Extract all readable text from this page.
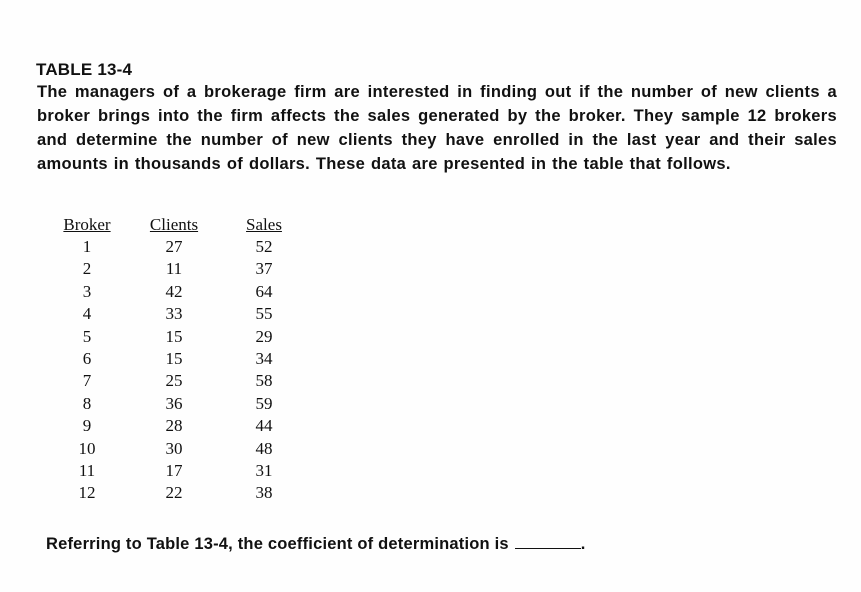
TABLE 13-4
The managers of a brokerage firm are interested in finding out if the number of new clients a broker brings into the firm affects the sales generated by the broker. They sample 12 brokers and determine the number of new clients they have enrolled in the last year and their sales amounts in thousands of dollars. These data are presented in the table that follows.
Broker	Clients	Sales
1	27	52
2	11	37
3	42	64
4	33	55
5	15	29
6	15	34
7	25	58
8	36	59
9	28	44
10	30	48
11	17	31
12	22	38
Referring to Table 13-4, the coefficient of determination is	.
